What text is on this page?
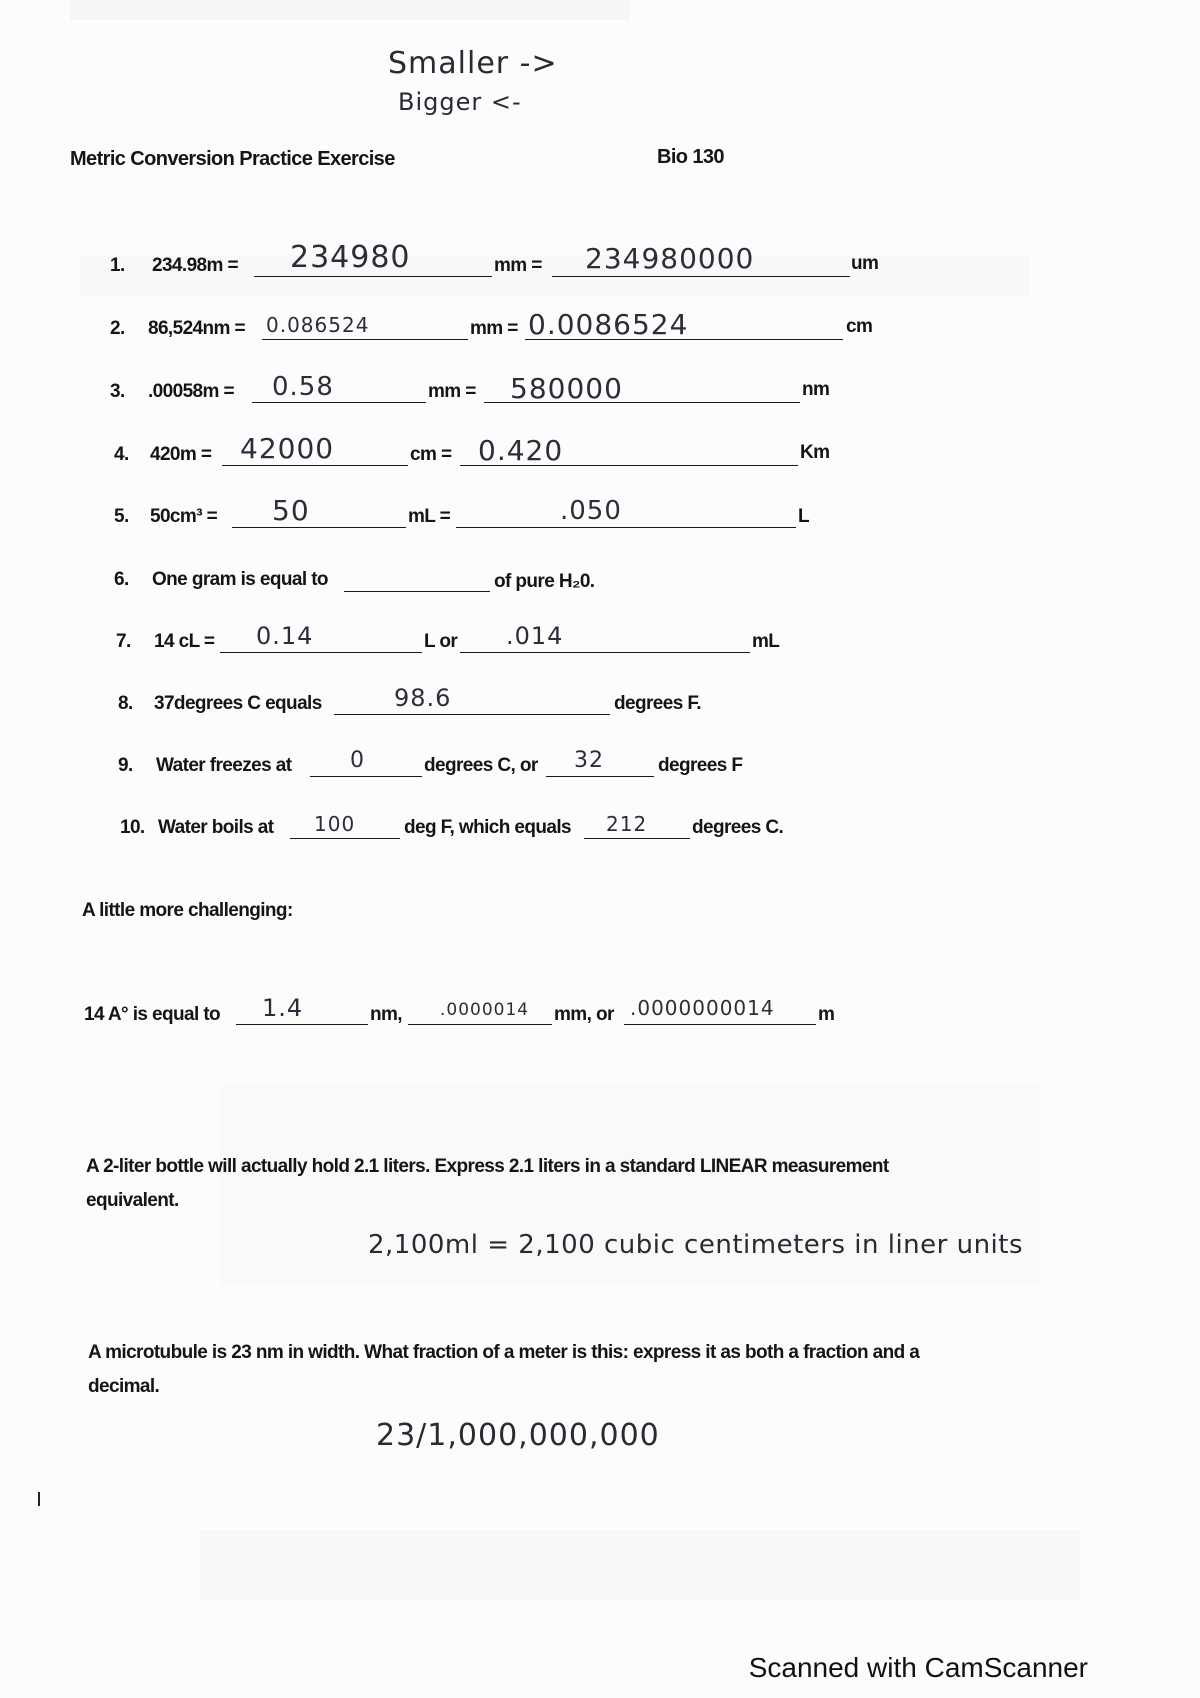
Smaller ->
Bigger <-
Metric Conversion Practice Exercise	Bio 130
1. 234.98m = 234980	mm = 234980000	um
2. 86,524nm = 0.086524	mm = 0.0086524	cm
3. .00058m = 0.58	mm = 580000	nm
4. 420m = 42000	cm = 0.420	Km
5. 50cm³ = 50	mL =	.050	L
6. One gram is equal to	of pure H₂0.
7. 14 cL = 0.14	L or .014	mL
8. 37degrees C equals	98.6	degrees F.
9. Water freezes at	0	degrees C, or 32	degrees F
10. Water boils at 100	deg F, which equals 212 degrees C.
A little more challenging:
14 A° is equal to 1.4	nm, .0000014 mm, or .0000000014 m
A 2-liter bottle will actually hold 2.1 liters. Express 2.1 liters in a standard LINEAR measurement
equivalent.
2,100ml = 2,100 cubic centimeters in liner units
A microtubule is 23 nm in width. What fraction of a meter is this: express it as both a fraction and a
decimal.
23/1,000,000,000
Scanned with CamScanner
